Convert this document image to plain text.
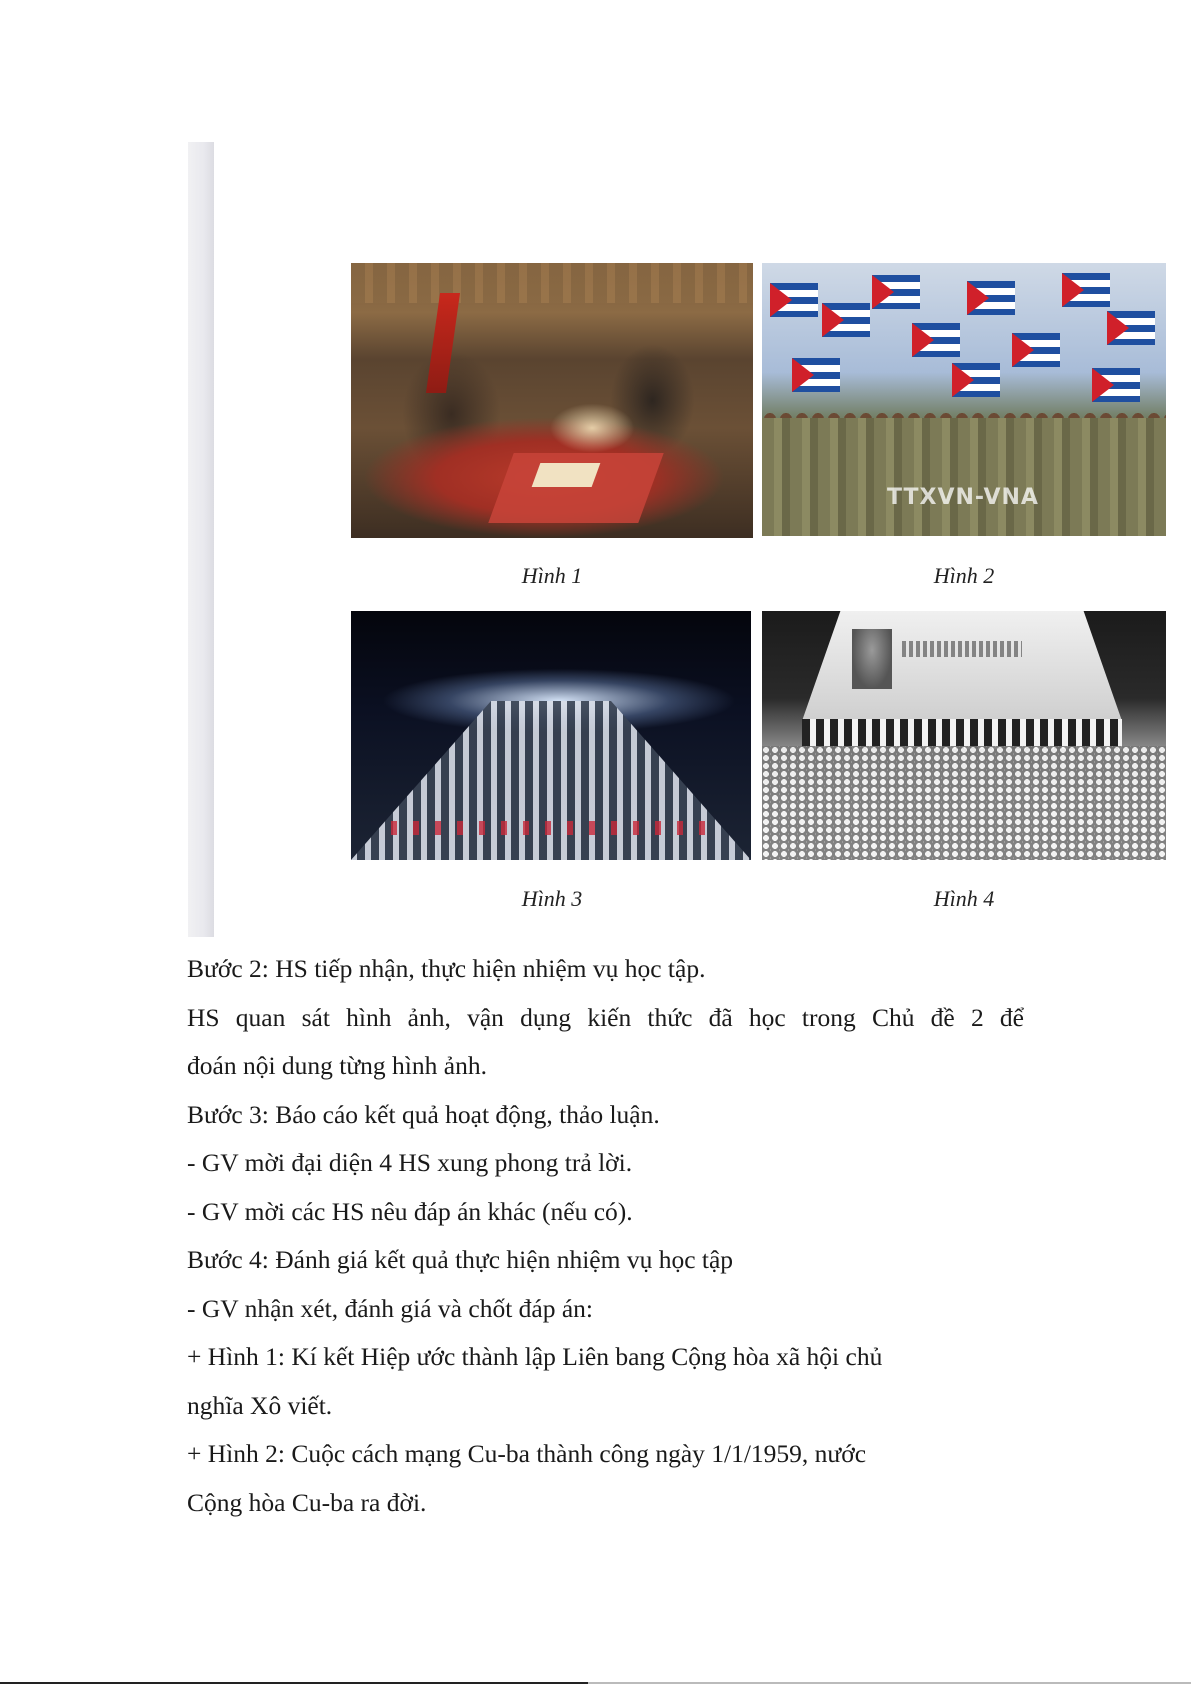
Hình 1
TTXVN-VNA
Hình 2
Hình 3	Hình 4

Bước 2: HS tiếp nhận, thực hiện nhiệm vụ học tập.

HS quan sát hình ảnh, vận dụng kiến thức đã học trong Chủ đề 2 để

đoán nội dung từng hình ảnh.

Bước 3: Báo cáo kết quả hoạt động, thảo luận.

- GV mời đại diện 4 HS xung phong trả lời.

- GV mời các HS nêu đáp án khác (nếu có).

Bước 4: Đánh giá kết quả thực hiện nhiệm vụ học tập

- GV nhận xét, đánh giá và chốt đáp án:

+ Hình 1: Kí kết Hiệp ước thành lập Liên bang Cộng hòa xã hội chủ

nghĩa Xô viết.

+ Hình 2: Cuộc cách mạng Cu-ba thành công ngày 1/1/1959, nước

Cộng hòa Cu-ba ra đời.
